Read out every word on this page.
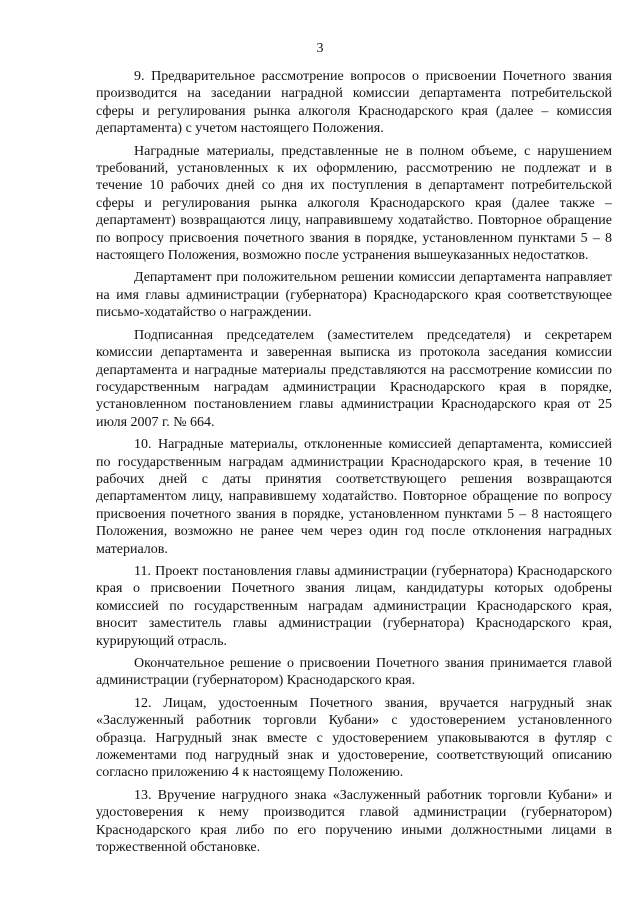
3

9. Предварительное рассмотрение вопросов о присвоении Почетного звания производится на заседании наградной комиссии департамента потребительской сферы и регулирования рынка алкоголя Краснодарского края (далее – комиссия департамента) с учетом настоящего Положения.

Наградные материалы, представленные не в полном объеме, с нарушением требований, установленных к их оформлению, рассмотрению не подлежат и в течение 10 рабочих дней со дня их поступления в департамент потребительской сферы и регулирования рынка алкоголя Краснодарского края (далее также – департамент) возвращаются лицу, направившему ходатайство. Повторное обращение по вопросу присвоения почетного звания в порядке, установленном пунктами 5 – 8 настоящего Положения, возможно после устранения вышеуказанных недостатков.

Департамент при положительном решении комиссии департамента направляет на имя главы администрации (губернатора) Краснодарского края соответствующее письмо-ходатайство о награждении.

Подписанная председателем (заместителем председателя) и секретарем комиссии департамента и заверенная выписка из протокола заседания комиссии департамента и наградные материалы представляются на рассмотрение комиссии по государственным наградам администрации Краснодарского края в порядке, установленном постановлением главы администрации Краснодарского края от 25 июля 2007 г. № 664.

10. Наградные материалы, отклоненные комиссией департамента, комиссией по государственным наградам администрации Краснодарского края, в течение 10 рабочих дней с даты принятия соответствующего решения возвращаются департаментом лицу, направившему ходатайство. Повторное обращение по вопросу присвоения почетного звания в порядке, установленном пунктами 5 – 8 настоящего Положения, возможно не ранее чем через один год после отклонения наградных материалов.

11. Проект постановления главы администрации (губернатора) Краснодарского края о присвоении Почетного звания лицам, кандидатуры которых одобрены комиссией по государственным наградам администрации Краснодарского края, вносит заместитель главы администрации (губернатора) Краснодарского края, курирующий отрасль.

Окончательное решение о присвоении Почетного звания принимается главой администрации (губернатором) Краснодарского края.

12. Лицам, удостоенным Почетного звания, вручается нагрудный знак «Заслуженный работник торговли Кубани» с удостоверением установленного образца. Нагрудный знак вместе с удостоверением упаковываются в футляр с ложементами под нагрудный знак и удостоверение, соответствующий описанию согласно приложению 4 к настоящему Положению.

13. Вручение нагрудного знака «Заслуженный работник торговли Кубани» и удостоверения к нему производится главой администрации (губернатором) Краснодарского края либо по его поручению иными должностными лицами в торжественной обстановке.
